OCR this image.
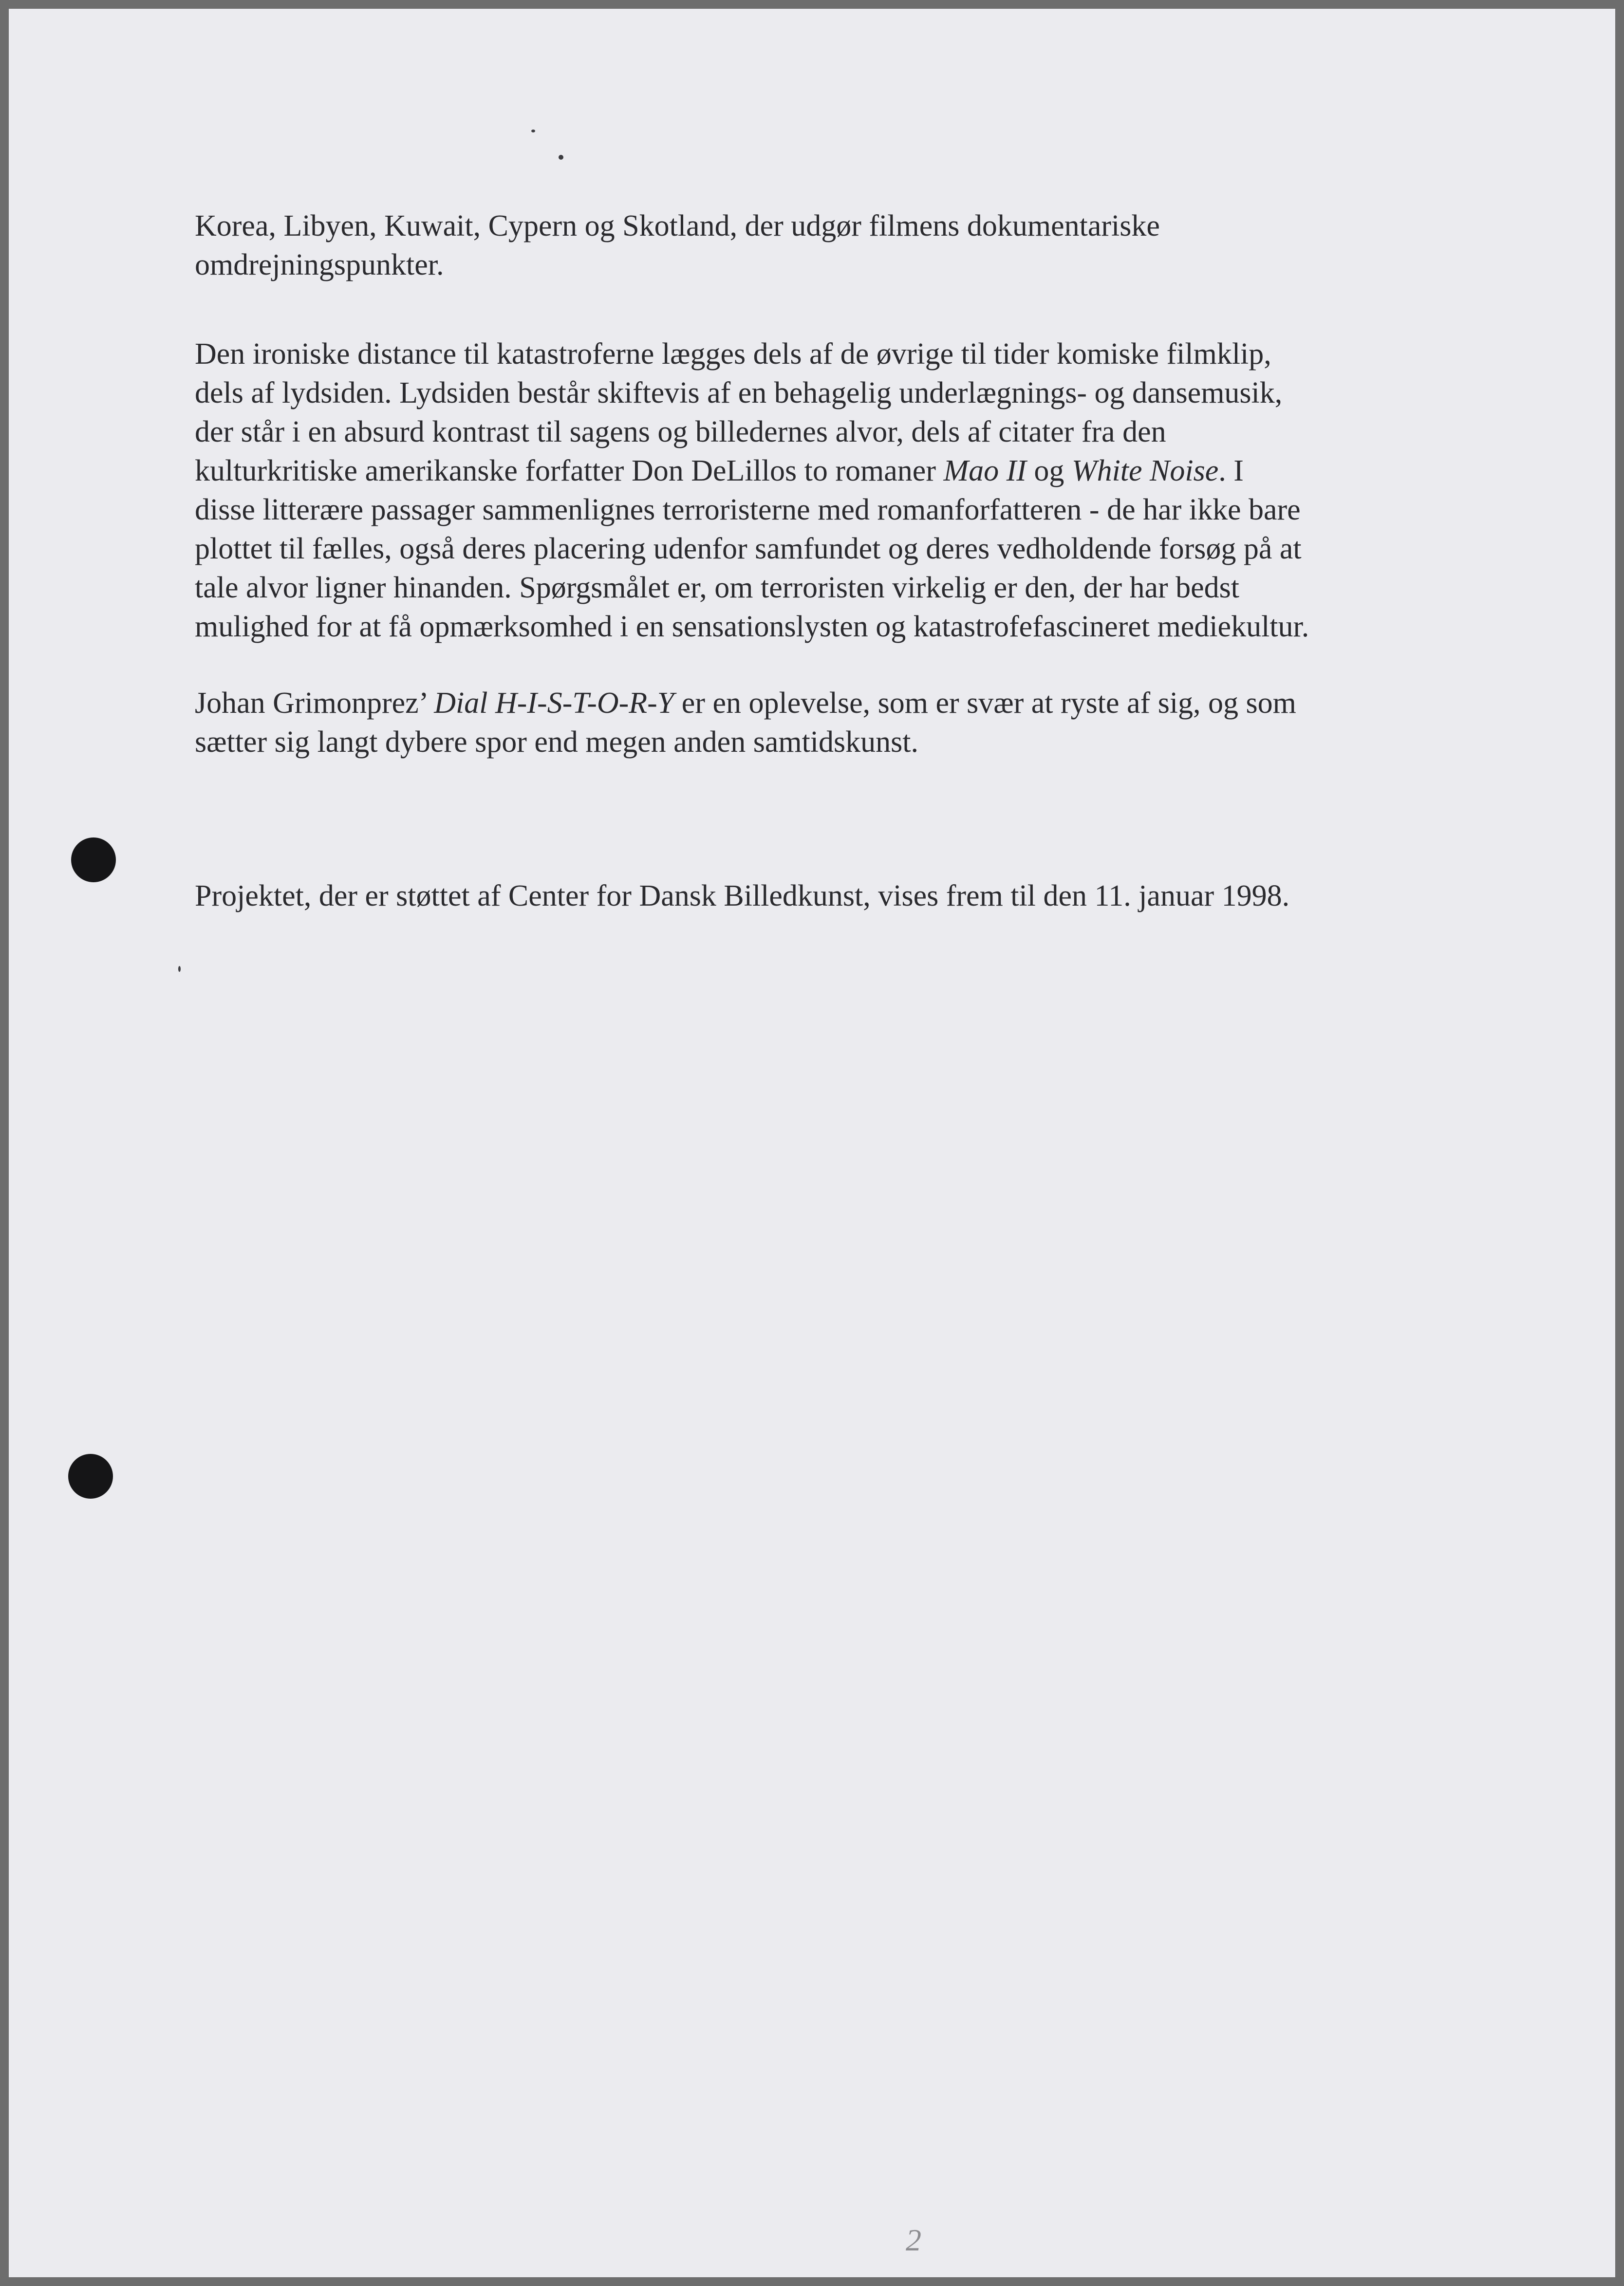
Korea, Libyen, Kuwait, Cypern og Skotland, der udgør filmens dokumentariske
omdrejningspunkter.

Den ironiske distance til katastroferne lægges dels af de øvrige til tider komiske filmklip,
dels af lydsiden. Lydsiden består skiftevis af en behagelig underlægnings- og dansemusik,
der står i en absurd kontrast til sagens og billedernes alvor, dels af citater fra den
kulturkritiske amerikanske forfatter Don DeLillos to romaner Mao II og White Noise. I
disse litterære passager sammenlignes terroristerne med romanforfatteren - de har ikke bare
plottet til fælles, også deres placering udenfor samfundet og deres vedholdende forsøg på at
tale alvor ligner hinanden. Spørgsmålet er, om terroristen virkelig er den, der har bedst
mulighed for at få opmærksomhed i en sensationslysten og katastrofefascineret mediekultur.

Johan Grimonprez’ Dial H-I-S-T-O-R-Y er en oplevelse, som er svær at ryste af sig, og som
sætter sig langt dybere spor end megen anden samtidskunst.

Projektet, der er støttet af Center for Dansk Billedkunst, vises frem til den 11. januar 1998.

2
